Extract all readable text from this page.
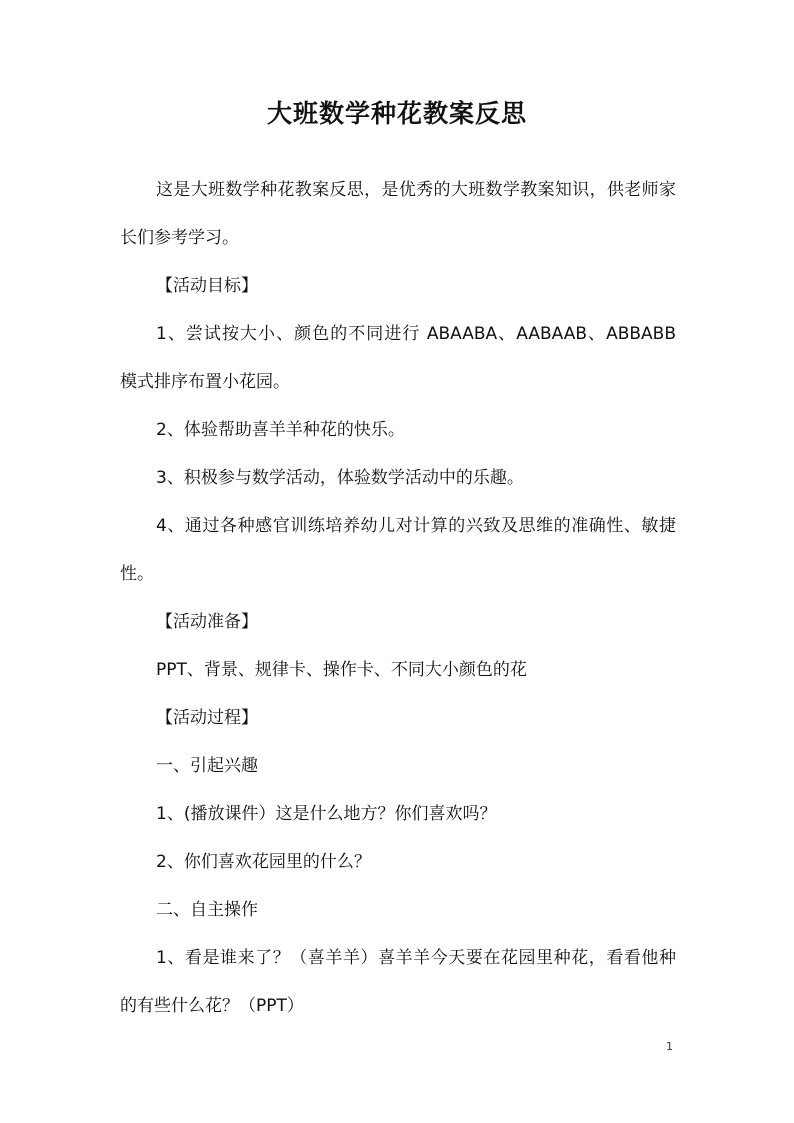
大班数学种花教案反思

这是大班数学种花教案反思，是优秀的大班数学教案知识，供老师家长们参考学习。

【活动目标】

1、尝试按大小、颜色的不同进行 ABAABA、AABAAB、ABBABB 模式排序布置小花园。

2、体验帮助喜羊羊种花的快乐。

3、积极参与数学活动，体验数学活动中的乐趣。

4、通过各种感官训练培养幼儿对计算的兴致及思维的准确性、敏捷性。

【活动准备】

PPT、背景、规律卡、操作卡、不同大小颜色的花

【活动过程】

一、引起兴趣

1、(播放课件）这是什么地方？你们喜欢吗？

2、你们喜欢花园里的什么？

二、自主操作

1、看是谁来了？（喜羊羊）喜羊羊今天要在花园里种花，看看他种的有些什么花？（PPT）

1
